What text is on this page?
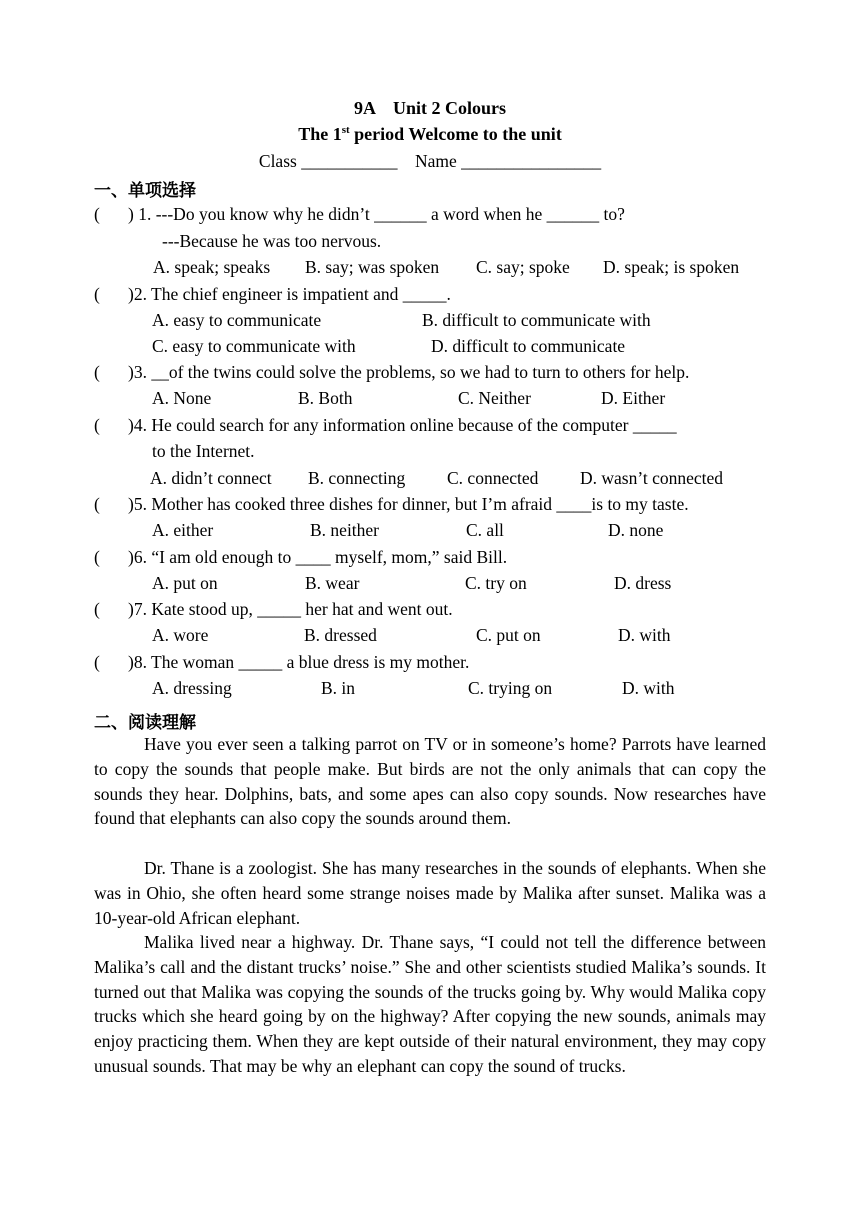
9A    Unit 2 Colours
The 1st period Welcome to the unit
Class ___________    Name ________________
一、单项选择
( ) 1. ---Do you know why he didn’t ______ a word when he ______ to?
---Because he was too nervous.
A. speak; speaks B. say; was spoken C. say; spoke D. speak; is spoken
( )2. The chief engineer is impatient and _____.
A. easy to communicate	B. difficult to communicate with
C. easy to communicate with	D. difficult to communicate
( )3. __of the twins could solve the problems, so we had to turn to others for help.
A. None	B. Both	C. Neither	D. Either
( )4. He could search for any information online because of the computer _____
to the Internet.
A. didn’t connect B. connecting C. connected D. wasn’t connected
( )5. Mother has cooked three dishes for dinner, but I’m afraid ____is to my taste.
A. either	B. neither	C. all	D. none
( )6. “I am old enough to ____ myself, mom,” said Bill.
A. put on	B. wear	C. try on	D. dress
( )7. Kate stood up, _____ her hat and went out.
A. wore	B. dressed	C. put on	D. with
( )8. The woman _____ a blue dress is my mother.
A. dressing	B. in	C. trying on	D. with
二、阅读理解
Have you ever seen a talking parrot on TV or in someone’s home? Parrots have learned to copy the sounds that people make. But birds are not the only animals that can copy the sounds they hear. Dolphins, bats, and some apes can also copy sounds. Now researches have found that elephants can also copy the sounds around them.
Dr. Thane is a zoologist. She has many researches in the sounds of elephants. When she was in Ohio, she often heard some strange noises made by Malika after sunset. Malika was a 10-year-old African elephant.
Malika lived near a highway. Dr. Thane says, “I could not tell the difference between Malika’s call and the distant trucks’ noise.” She and other scientists studied Malika’s sounds. It turned out that Malika was copying the sounds of the trucks going by. Why would Malika copy trucks which she heard going by on the highway? After copying the new sounds, animals may enjoy practicing them. When they are kept outside of their natural environment, they may copy unusual sounds. That may be why an elephant can copy the sound of trucks.
